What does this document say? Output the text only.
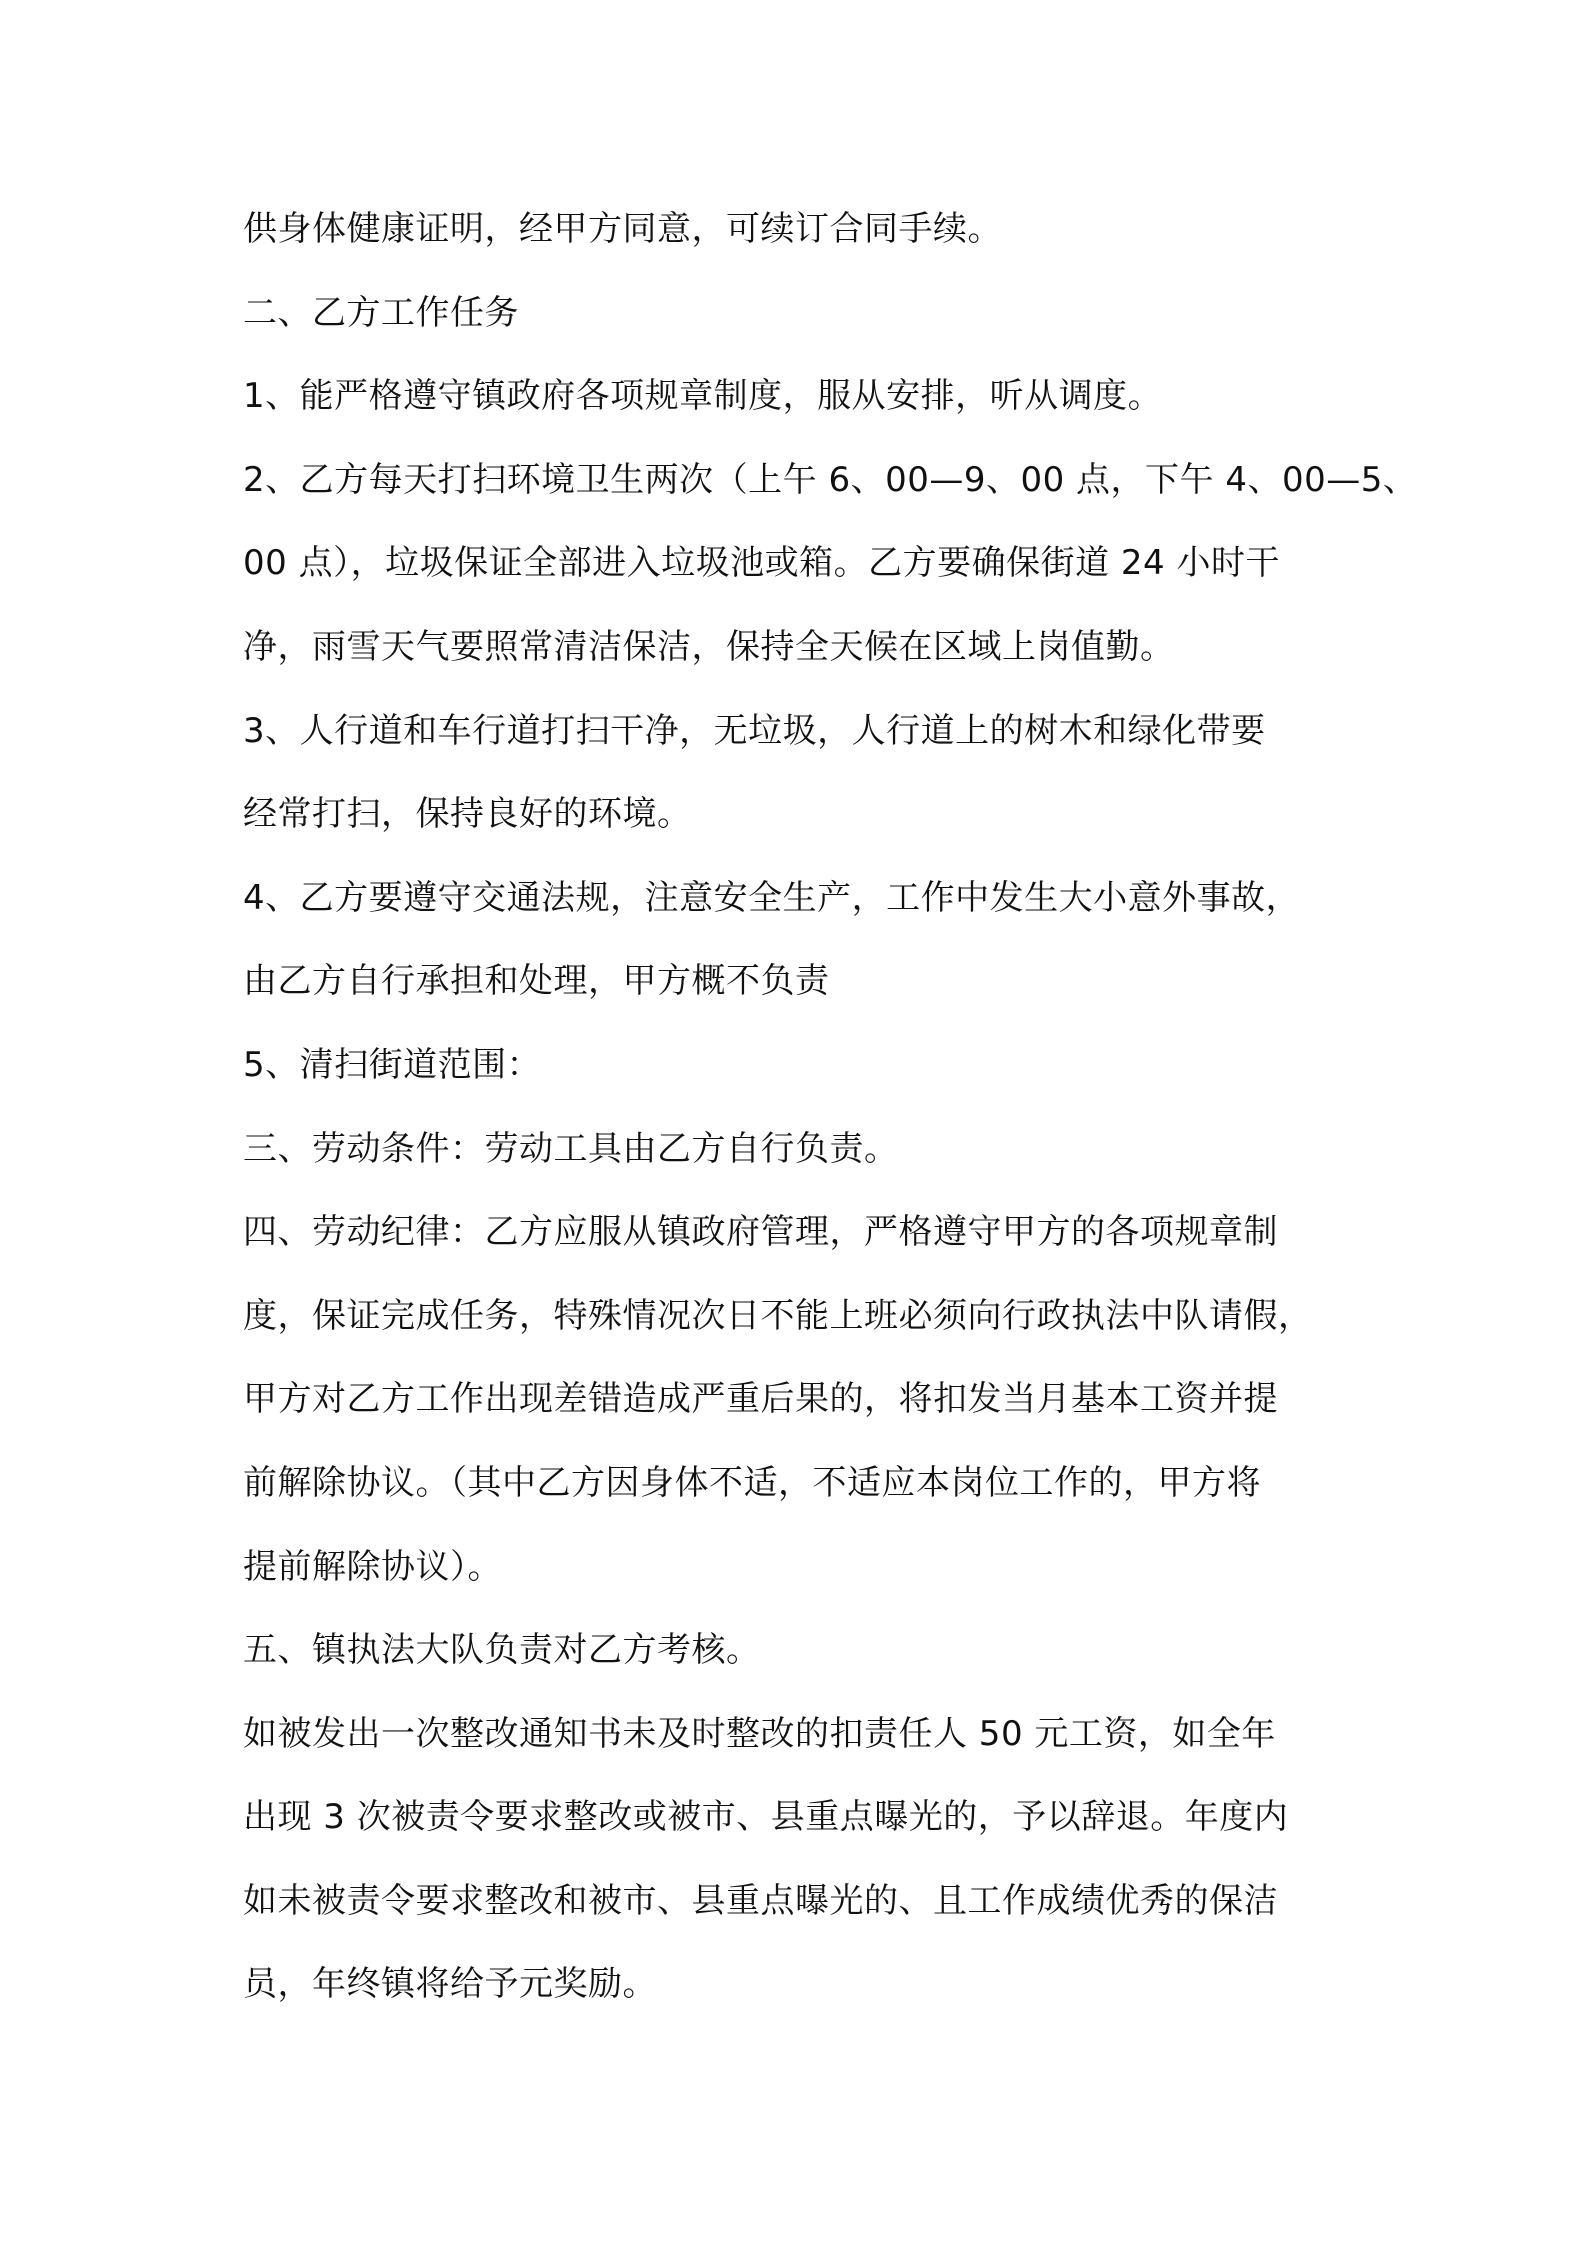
供身体健康证明，经甲方同意，可续订合同手续。
二、乙方工作任务
1、能严格遵守镇政府各项规章制度，服从安排，听从调度。
2、乙方每天打扫环境卫生两次（上午 6、00—9、00 点，下午 4、00—5、
00 点），垃圾保证全部进入垃圾池或箱。乙方要确保街道 24 小时干
净，雨雪天气要照常清洁保洁，保持全天候在区域上岗值勤。
3、人行道和车行道打扫干净，无垃圾，人行道上的树木和绿化带要
经常打扫，保持良好的环境。
4、乙方要遵守交通法规，注意安全生产，工作中发生大小意外事故，
由乙方自行承担和处理，甲方概不负责
5、清扫街道范围：
三、劳动条件：劳动工具由乙方自行负责。
四、劳动纪律：乙方应服从镇政府管理，严格遵守甲方的各项规章制
度，保证完成任务，特殊情况次日不能上班必须向行政执法中队请假，
甲方对乙方工作出现差错造成严重后果的，将扣发当月基本工资并提
前解除协议。（其中乙方因身体不适，不适应本岗位工作的，甲方将
提前解除协议）。
五、镇执法大队负责对乙方考核。
如被发出一次整改通知书未及时整改的扣责任人 50 元工资，如全年
出现 3 次被责令要求整改或被市、县重点曝光的，予以辞退。年度内
如未被责令要求整改和被市、县重点曝光的、且工作成绩优秀的保洁
员，年终镇将给予元奖励。
